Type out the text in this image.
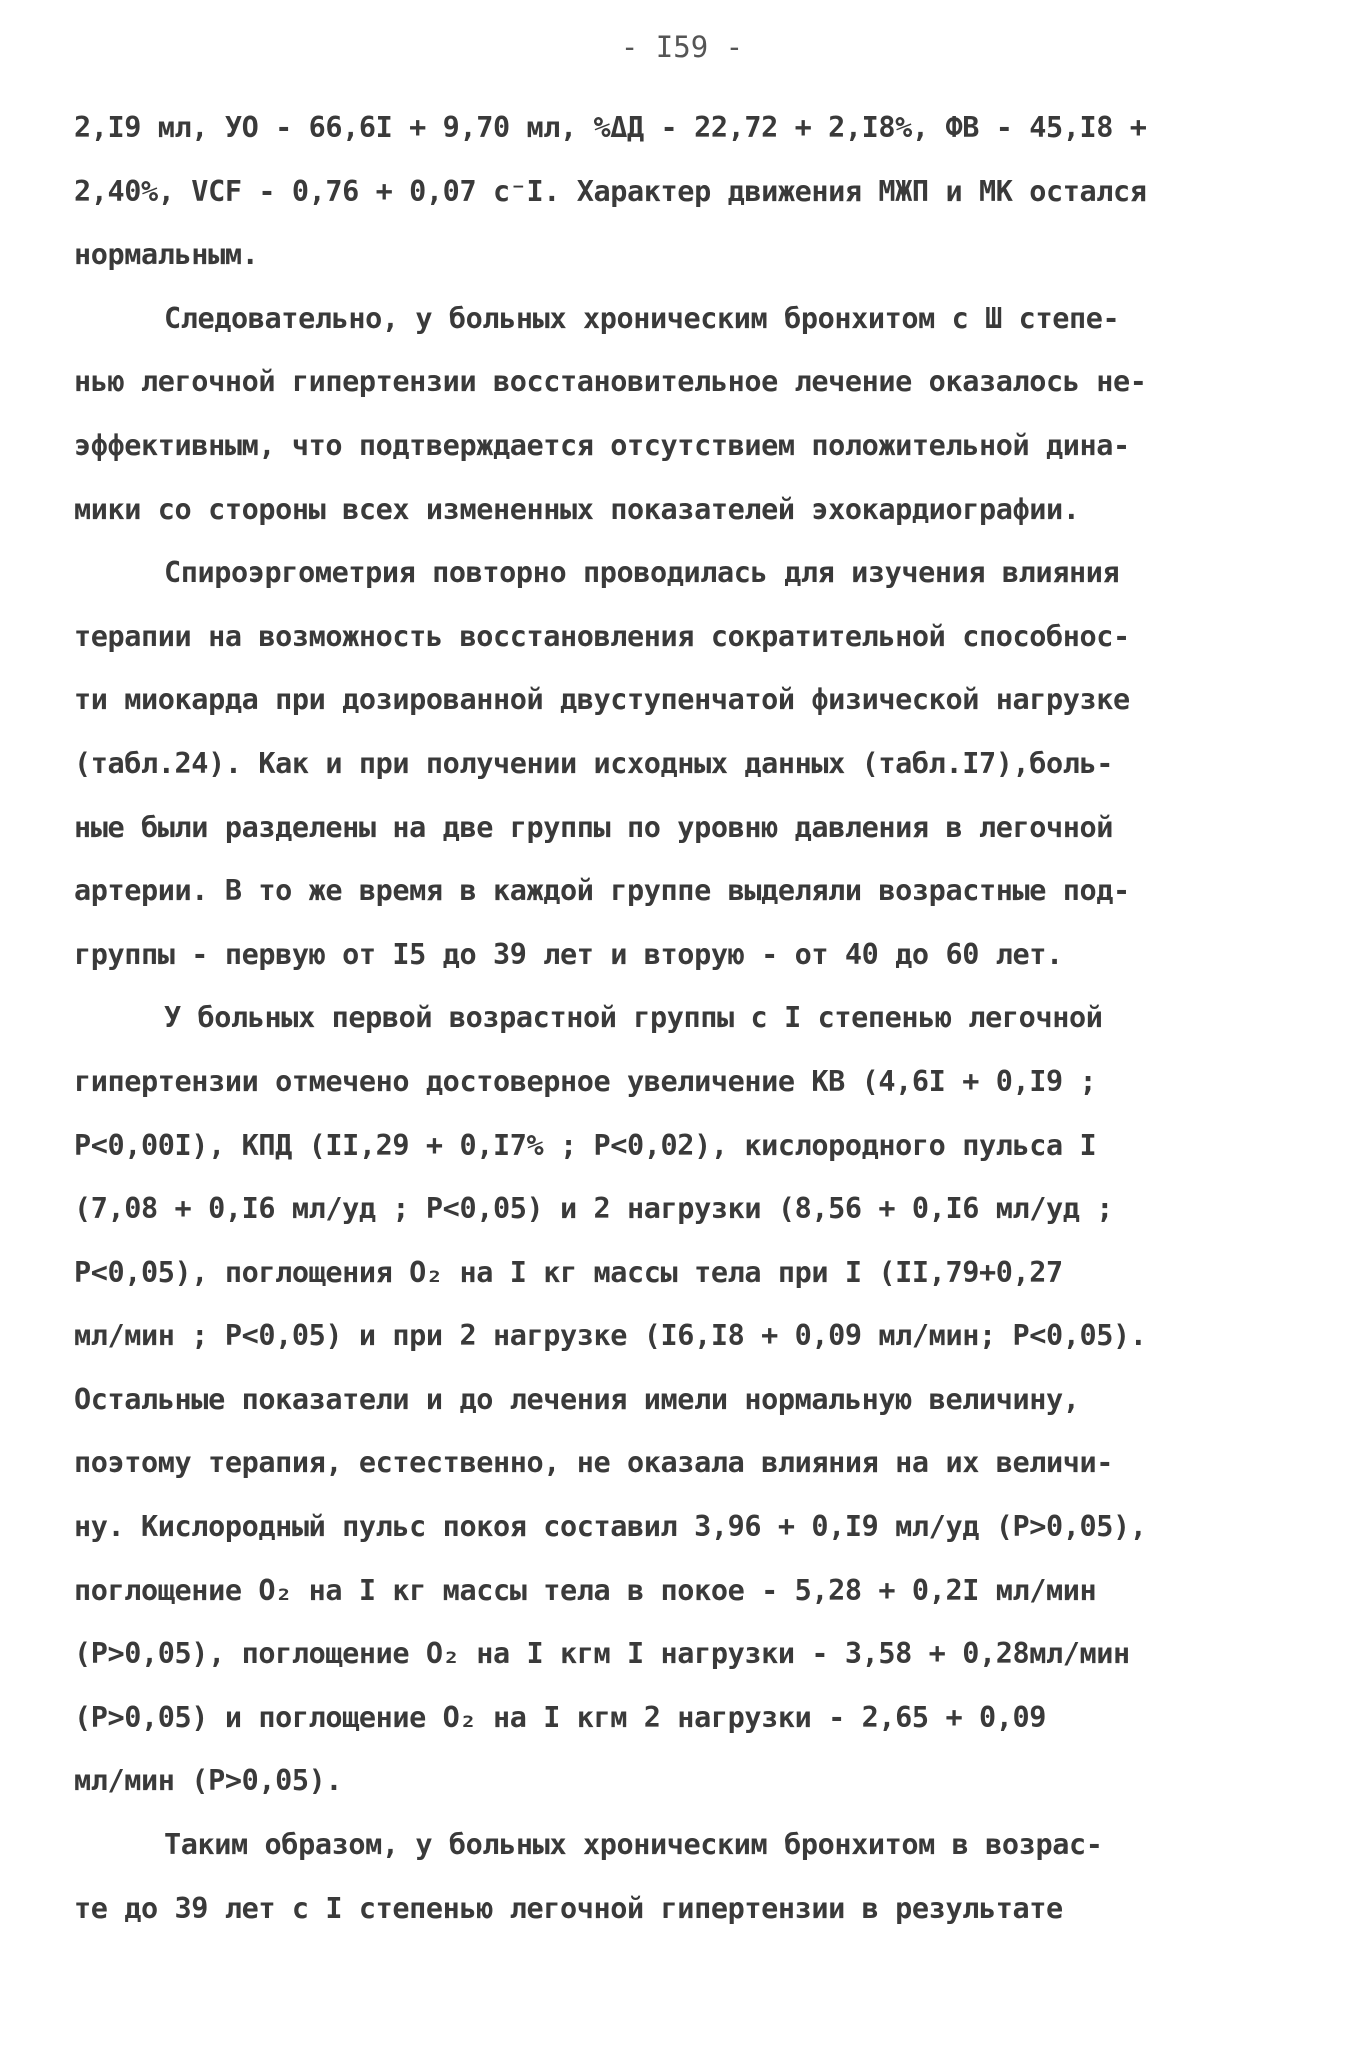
- I59 -
2,I9 мл, УО - 66,6I + 9,70 мл, %ΔД - 22,72 + 2,I8%, ФВ - 45,I8 +
2,40%, VCF - 0,76 + 0,07 с⁻I. Характер движения МЖП и МК остался
нормальным.
Следовательно, у больных хроническим бронхитом с Ш степе-
нью легочной гипертензии восстановительное лечение оказалось не-
эффективным, что подтверждается отсутствием положительной дина-
мики со стороны всех измененных показателей эхокардиографии.
Спироэргометрия повторно проводилась для изучения влияния
терапии на возможность восстановления сократительной способнос-
ти миокарда при дозированной двуступенчатой физической нагрузке
(табл.24). Как и при получении исходных данных (табл.I7),боль-
ные были разделены на две группы по уровню давления в легочной
артерии. В то же время в каждой группе выделяли возрастные под-
группы - первую от I5 до 39 лет и вторую - от 40 до 60 лет.
У больных первой возрастной группы с I степенью легочной
гипертензии отмечено достоверное увеличение КВ (4,6I + 0,I9 ;
P<0,00I), КПД (II,29 + 0,I7% ; P<0,02), кислородного пульса I
(7,08 + 0,I6 мл/уд ; P<0,05) и 2 нагрузки (8,56 + 0,I6 мл/уд ;
P<0,05), поглощения O₂ на I кг массы тела при I (II,79+0,27
мл/мин ; P<0,05) и при 2 нагрузке (I6,I8 + 0,09 мл/мин; P<0,05).
Остальные показатели и до лечения имели нормальную величину,
поэтому терапия, естественно, не оказала влияния на их величи-
ну. Кислородный пульс покоя составил 3,96 + 0,I9 мл/уд (P>0,05),
поглощение O₂ на I кг массы тела в покое - 5,28 + 0,2I мл/мин
(P>0,05), поглощение O₂ на I кгм I нагрузки - 3,58 + 0,28мл/мин
(P>0,05) и поглощение O₂ на I кгм 2 нагрузки - 2,65 + 0,09
мл/мин (P>0,05).
Таким образом, у больных хроническим бронхитом в возрас-
те до 39 лет с I степенью легочной гипертензии в результате
